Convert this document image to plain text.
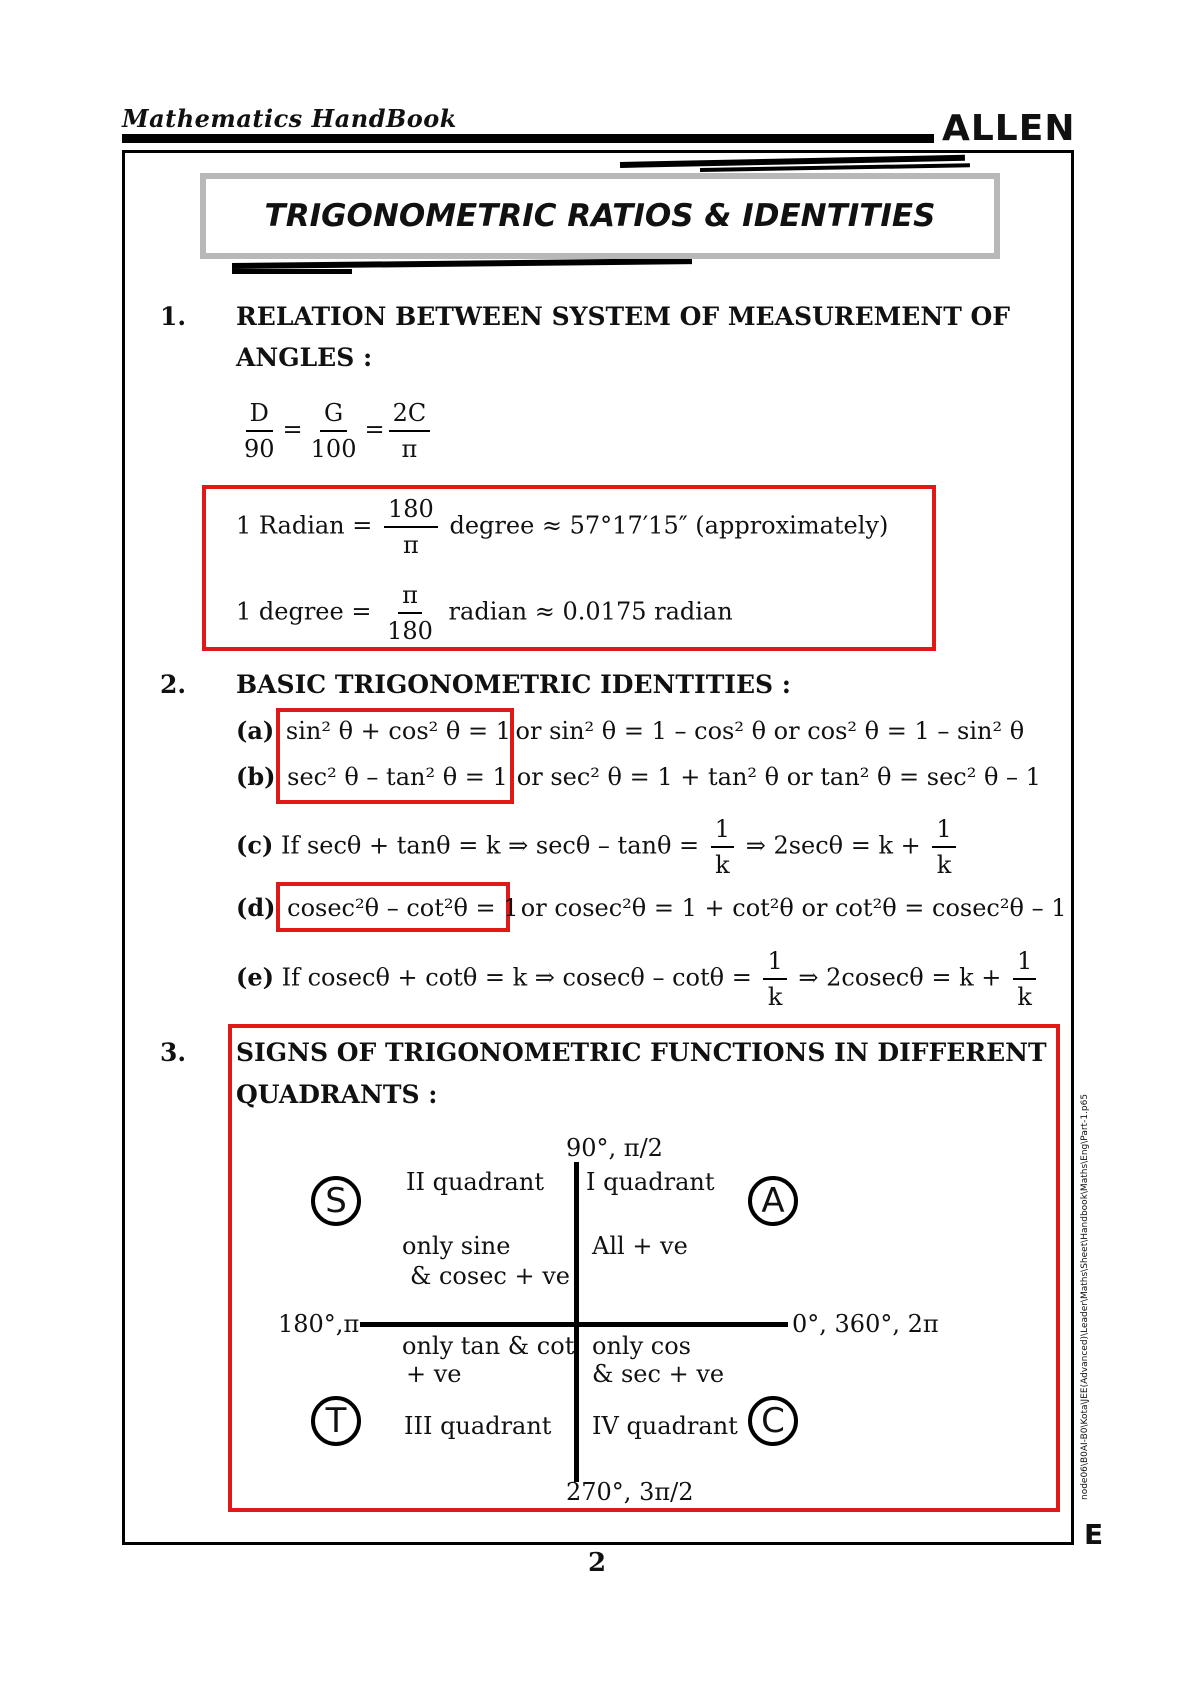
Mathematics HandBook	ALLEN
TRIGONOMETRIC RATIOS & IDENTITIES
1. RELATION BETWEEN SYSTEM OF MEASUREMENT OF
ANGLES :
$\frac{D}{90} = \frac{G}{100} = \frac{2C}{\pi}$
1 Radian = $\frac{180}{\pi}$ degree ≈ 57°17′15″ (approximately)
1 degree = $\frac{\pi}{180}$ radian ≈ 0.0175 radian
2. BASIC TRIGONOMETRIC IDENTITIES :
(a) sin² θ + cos² θ = 1 or sin² θ = 1 – cos² θ or cos² θ = 1 – sin² θ
(b) sec² θ – tan² θ = 1 or sec² θ = 1 + tan² θ or tan² θ = sec² θ – 1
(c) If secθ + tanθ = k ⇒ $\sec\theta - \tan\theta = \frac{1}{k}$ ⇒ $2\sec\theta = k + \frac{1}{k}$
(d) cosec²θ – cot²θ = 1 or cosec²θ = 1 + cot²θ or cot²θ = cosec²θ – 1
(e) If cosecθ + cotθ = k ⇒ $cosec\theta - \cot\theta = \frac{1}{k}$ ⇒ $2cosec\theta = k + \frac{1}{k}$
3. SIGNS OF TRIGONOMETRIC FUNCTIONS IN DIFFERENT
QUADRANTS :
90°, π/2
270°, 3π/2
180°,π	0°, 360°, 2π
S	II quadrant
only sine
& cosec + ve
A
I quadrant
All + ve
T
only tan & cot
+ ve
III quadrant	C
only cos
& sec + ve
IV quadrant	node06\B0AI-B0\Kota\JEE(Advanced)\Leader\Maths\Sheet\Handbook\Maths\Eng\Part-1.p65
E
2
